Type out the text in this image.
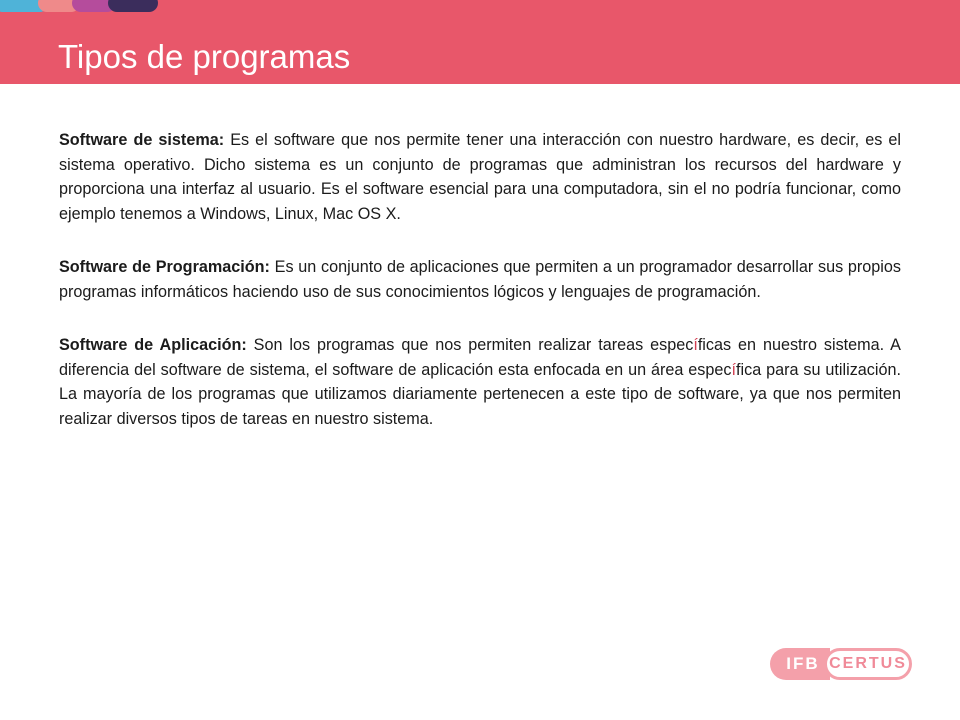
Tipos de programas

Software de sistema: Es el software que nos permite tener una interacción con nuestro hardware, es decir, es el sistema operativo. Dicho sistema es un conjunto de programas que administran los recursos del hardware y proporciona una interfaz al usuario. Es el software esencial para una computadora, sin el no podría funcionar, como ejemplo tenemos a Windows, Linux, Mac OS X.

Software de Programación: Es un conjunto de aplicaciones que permiten a un programador desarrollar sus propios programas informáticos haciendo uso de sus conocimientos lógicos y lenguajes de programación.

Software de Aplicación: Son los programas que nos permiten realizar tareas específicas en nuestro sistema. A diferencia del software de sistema, el software de aplicación esta enfocada en un área específica para su utilización. La mayoría de los programas que utilizamos diariamente pertenecen a este tipo de software, ya que nos permiten realizar diversos tipos de tareas en nuestro sistema.

IFB CERTUS
